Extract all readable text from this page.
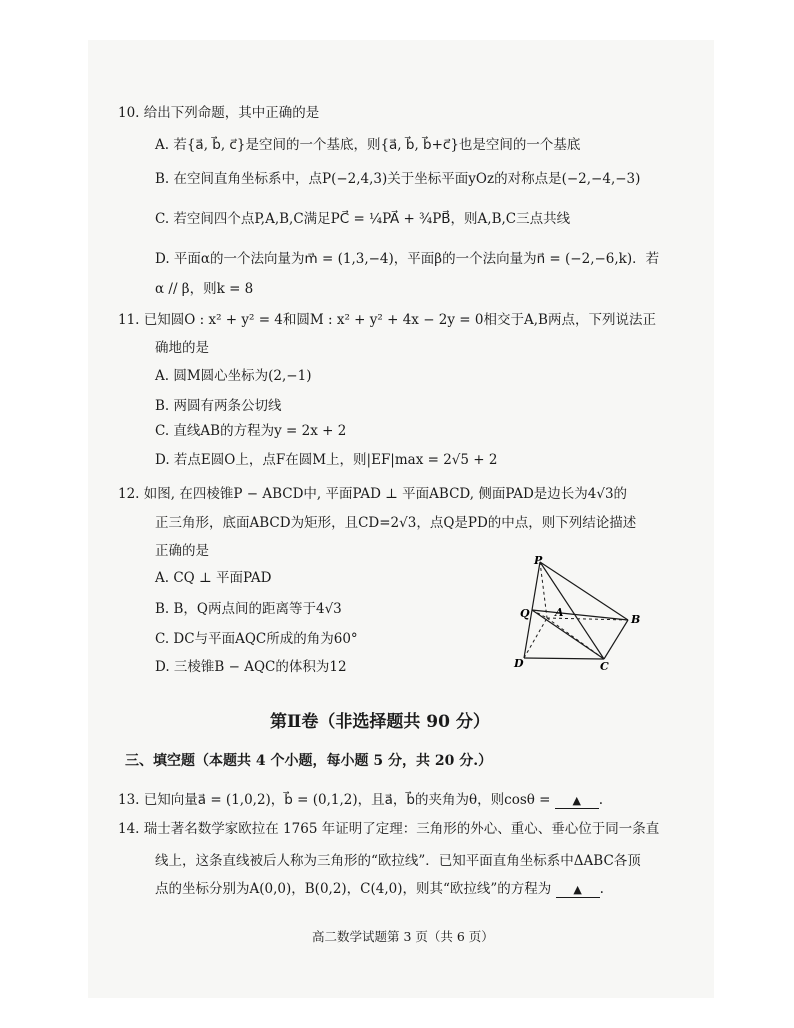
10. 给出下列命题，其中正确的是
A. 若{a⃗, b⃗, c⃗}是空间的一个基底，则{a⃗, b⃗, b⃗+c⃗}也是空间的一个基底
B. 在空间直角坐标系中，点P(−2,4,3)关于坐标平面yOz的对称点是(−2,−4,−3)
C. 若空间四个点P,A,B,C满足PC⃗ = ¼PA⃗ + ¾PB⃗，则A,B,C三点共线
D. 平面α的一个法向量为m⃗ = (1,3,−4)，平面β的一个法向量为n⃗ = (−2,−6,k)．若
α // β，则k = 8
11. 已知圆O : x² + y² = 4和圆M : x² + y² + 4x − 2y = 0相交于A,B两点，下列说法正
确地的是
A. 圆M圆心坐标为(2,−1)
B. 两圆有两条公切线
C. 直线AB的方程为y = 2x + 2
D. 若点E圆O上，点F在圆M上，则|EF|max = 2√5 + 2
12. 如图, 在四棱锥P − ABCD中, 平面PAD ⊥ 平面ABCD, 侧面PAD是边长为4√3的
正三角形，底面ABCD为矩形，且CD=2√3，点Q是PD的中点，则下列结论描述
正确的是
A. CQ ⊥ 平面PAD
B. B，Q两点间的距离等于4√3
C. DC与平面AQC所成的角为60°
D. 三棱锥B − AQC的体积为12
P
Q A
B
C
D
第Ⅱ卷（非选择题共 90 分）
三、填空题（本题共 4 个小题，每小题 5 分，共 20 分.）
13. 已知向量a⃗ = (1,0,2)，b⃗ = (0,1,2)，且a⃗，b⃗的夹角为θ，则cosθ = ▲ .
14. 瑞士著名数学家欧拉在 1765 年证明了定理：三角形的外心、重心、垂心位于同一条直
线上，这条直线被后人称为三角形的“欧拉线”．已知平面直角坐标系中ΔABC各顶
点的坐标分别为A(0,0)，B(0,2)，C(4,0)，则其“欧拉线”的方程为 ▲ .
高二数学试题第 3 页（共 6 页）
